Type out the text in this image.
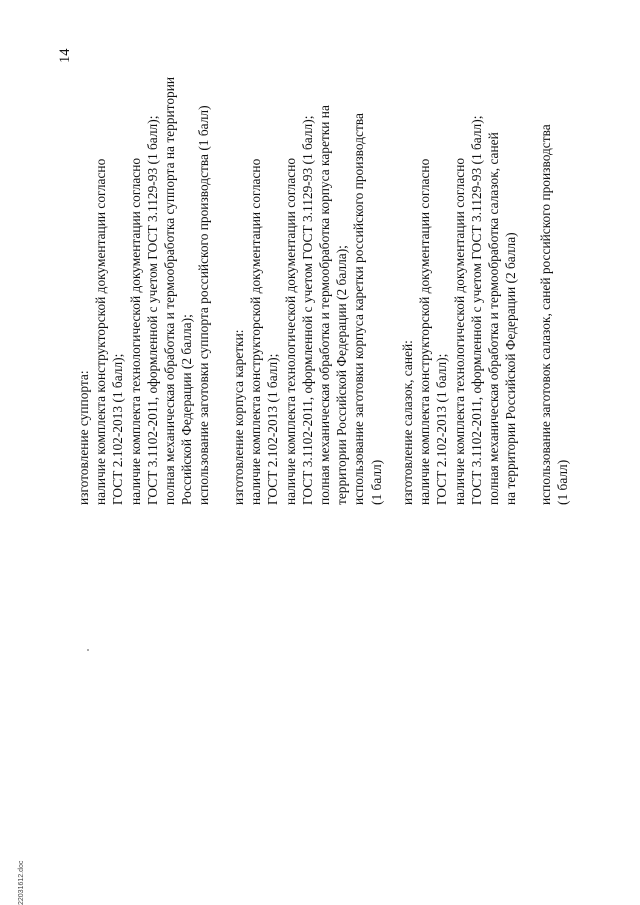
14
изготовление суппорта: наличие комплекта конструкторской документации согласно ГОСТ 2.102-2013 (1 балл); наличие комплекта технологической документации согласно ГОСТ 3.1102-2011, оформленной с учетом ГОСТ 3.1129-93 (1 балл); полная механическая обработка и термообработка суппорта на территории Российской Федерации (2 балла); использование заготовки суппорта российского производства (1 балл) изготовление корпуса каретки: наличие комплекта конструкторской документации согласно ГОСТ 2.102-2013 (1 балл); наличие комплекта технологической документации согласно ГОСТ 3.1102-2011, оформленной с учетом ГОСТ 3.1129-93 (1 балл); полная механическая обработка и термообработка корпуса каретки на территории Российской Федерации (2 балла); использование заготовки корпуса каретки российского производства (1 балл) изготовление салазок, саней: наличие комплекта конструкторской документации согласно ГОСТ 2.102-2013 (1 балл); наличие комплекта технологической документации согласно ГОСТ 3.1102-2011, оформленной с учетом ГОСТ 3.1129-93 (1 балл); полная механическая обработка и термообработка салазок, саней на территории Российской Федерации (2 балла)
использование заготовок салазок, саней российского производства (1 балл)
22031612.doc
